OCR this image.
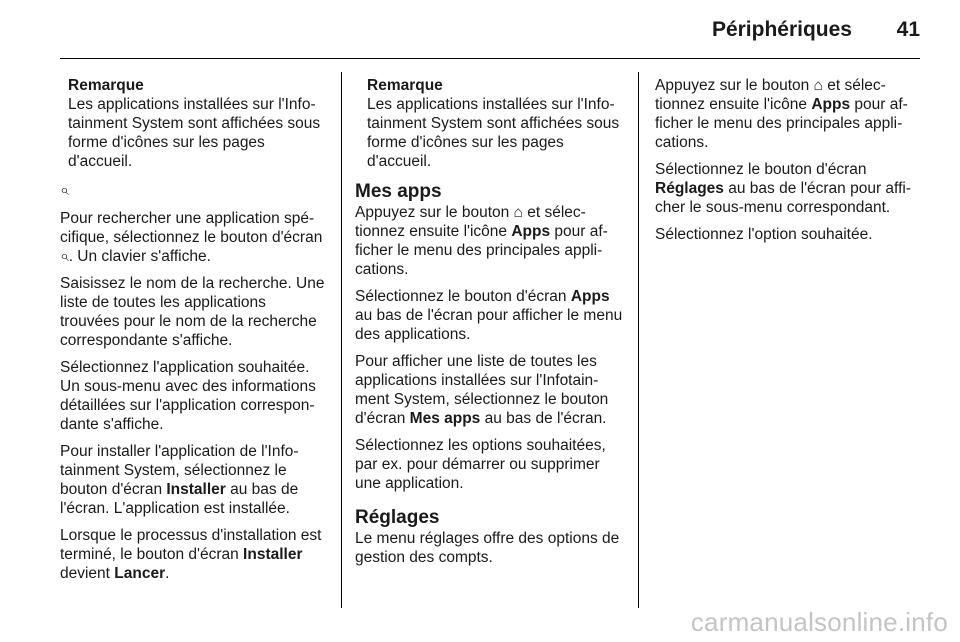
Périphériques 41
Remarque
Les applications installées sur l'Info-tainment System sont affichées sous forme d'icônes sur les pages d'accueil.
⌕

Pour rechercher une application spé-cifique, sélectionnez le bouton d'écran ⌕. Un clavier s'affiche.

Saisissez le nom de la recherche. Une liste de toutes les applications trouvées pour le nom de la recherche correspondante s'affiche.

Sélectionnez l'application souhaitée. Un sous-menu avec des informations détaillées sur l'application correspon-dante s'affiche.

Pour installer l'application de l'Info-tainment System, sélectionnez le bouton d'écran Installer au bas de l'écran. L'application est installée.

Lorsque le processus d'installation est terminé, le bouton d'écran Installer devient Lancer.

Remarque
Les applications installées sur l'Info-tainment System sont affichées sous forme d'icônes sur les pages d'accueil.
Mes apps

Appuyez sur le bouton ⌂ et sélec-tionnez ensuite l'icône Apps pour af-ficher le menu des principales appli-cations.

Sélectionnez le bouton d'écran Apps au bas de l'écran pour afficher le menu des applications.

Pour afficher une liste de toutes les applications installées sur l'Infotain-ment System, sélectionnez le bouton d'écran Mes apps au bas de l'écran.

Sélectionnez les options souhaitées, par ex. pour démarrer ou supprimer une application.

Réglages

Le menu réglages offre des options de gestion des compts.

Appuyez sur le bouton ⌂ et sélec-tionnez ensuite l'icône Apps pour af-ficher le menu des principales appli-cations.

Sélectionnez le bouton d'écran Réglages au bas de l'écran pour affi-cher le sous-menu correspondant.

Sélectionnez l'option souhaitée.

carmanualsonline.info
